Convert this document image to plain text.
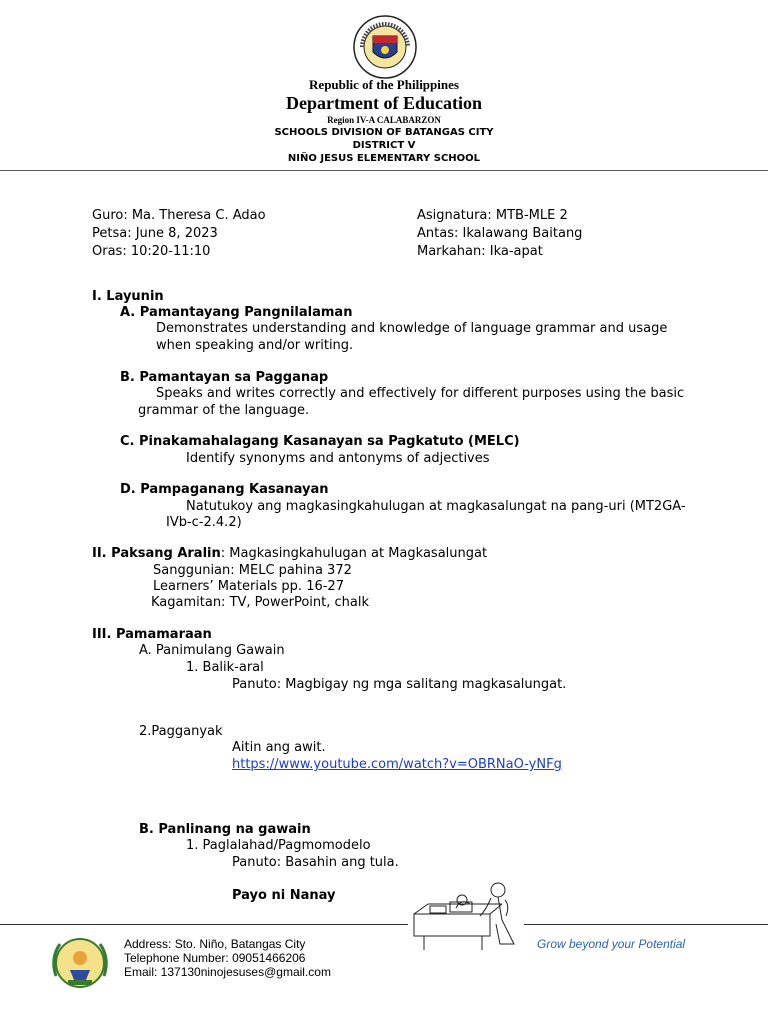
Republic of the Philippines
Department of Education
Region IV-A CALABARZON
SCHOOLS DIVISION OF BATANGAS CITY
DISTRICT V
NIÑO JESUS ELEMENTARY SCHOOL
Guro: Ma. Theresa C. Adao
Petsa: June 8, 2023
Oras: 10:20-11:10
Asignatura: MTB-MLE 2
Antas: Ikalawang Baitang
Markahan: Ika-apat
I. Layunin
A. Pamantayang Pangnilalaman
Demonstrates understanding and knowledge of language grammar and usage
when speaking and/or writing.
B. Pamantayan sa Pagganap
Speaks and writes correctly and effectively for different purposes using the basic
grammar of the language.
C. Pinakamahalagang Kasanayan sa Pagkatuto (MELC)
Identify synonyms and antonyms of adjectives
D. Pampaganang Kasanayan
Natutukoy ang magkasingkahulugan at magkasalungat na pang-uri (MT2GA-
IVb-c-2.4.2)
II. Paksang Aralin: Magkasingkahulugan at Magkasalungat
Sanggunian: MELC pahina 372
Learners’ Materials pp. 16-27
Kagamitan: TV, PowerPoint, chalk
III. Pamamaraan
A. Panimulang Gawain
1. Balik-aral
Panuto: Magbigay ng mga salitang magkasalungat.
2.Pagganyak
Aitin ang awit.
https://www.youtube.com/watch?v=OBRNaO-yNFg
B. Panlinang na gawain
1. Paglalahad/Pagmomodelo
Panuto: Basahin ang tula.
Payo ni Nanay
Address: Sto. Niño, Batangas City
Telephone Number: 09051466206
Email: 137130ninojesuses@gmail.com
Grow beyond your Potential
